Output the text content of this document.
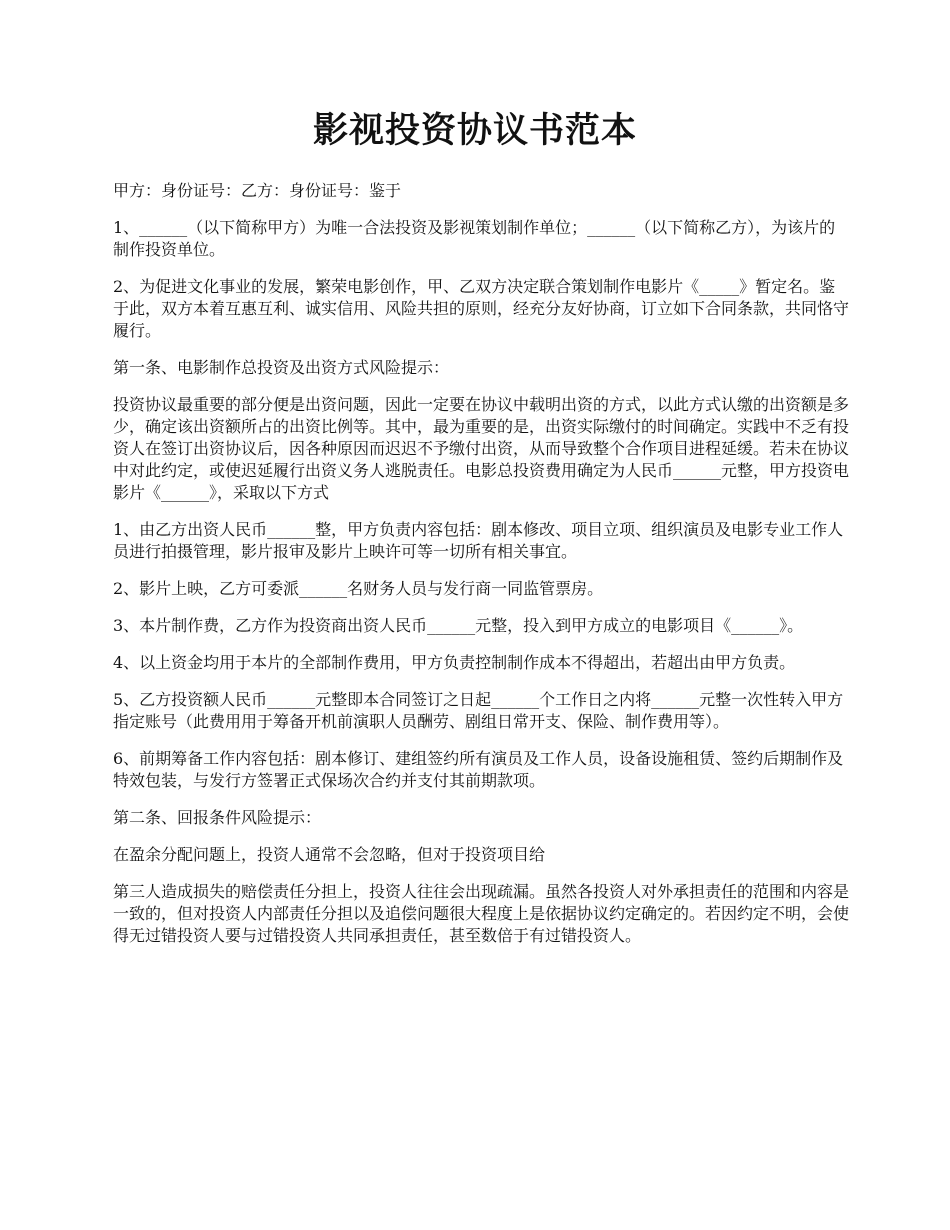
影视投资协议书范本

甲方：身份证号：乙方：身份证号：鉴于

1、______（以下简称甲方）为唯一合法投资及影视策划制作单位；______（以下简称乙方），为该片的制作投资单位。

2、为促进文化事业的发展，繁荣电影创作，甲、乙双方决定联合策划制作电影片《_____》暂定名。鉴于此，双方本着互惠互利、诚实信用、风险共担的原则，经充分友好协商，订立如下合同条款，共同恪守履行。

第一条、电影制作总投资及出资方式风险提示：

投资协议最重要的部分便是出资问题，因此一定要在协议中载明出资的方式，以此方式认缴的出资额是多少，确定该出资额所占的出资比例等。其中，最为重要的是，出资实际缴付的时间确定。实践中不乏有投资人在签订出资协议后，因各种原因而迟迟不予缴付出资，从而导致整个合作项目进程延缓。若未在协议中对此约定，或使迟延履行出资义务人逃脱责任。电影总投资费用确定为人民币______元整，甲方投资电影片《______》，采取以下方式

1、由乙方出资人民币______整，甲方负责内容包括：剧本修改、项目立项、组织演员及电影专业工作人员进行拍摄管理，影片报审及影片上映许可等一切所有相关事宜。

2、影片上映，乙方可委派______名财务人员与发行商一同监管票房。

3、本片制作费，乙方作为投资商出资人民币______元整，投入到甲方成立的电影项目《______》。

4、以上资金均用于本片的全部制作费用，甲方负责控制制作成本不得超出，若超出由甲方负责。

5、乙方投资额人民币______元整即本合同签订之日起______个工作日之内将______元整一次性转入甲方指定账号（此费用用于筹备开机前演职人员酬劳、剧组日常开支、保险、制作费用等）。

6、前期筹备工作内容包括：剧本修订、建组签约所有演员及工作人员，设备设施租赁、签约后期制作及特效包装，与发行方签署正式保场次合约并支付其前期款项。

第二条、回报条件风险提示：

在盈余分配问题上，投资人通常不会忽略，但对于投资项目给

第三人造成损失的赔偿责任分担上，投资人往往会出现疏漏。虽然各投资人对外承担责任的范围和内容是一致的，但对投资人内部责任分担以及追偿问题很大程度上是依据协议约定确定的。若因约定不明，会使得无过错投资人要与过错投资人共同承担责任，甚至数倍于有过错投资人。
